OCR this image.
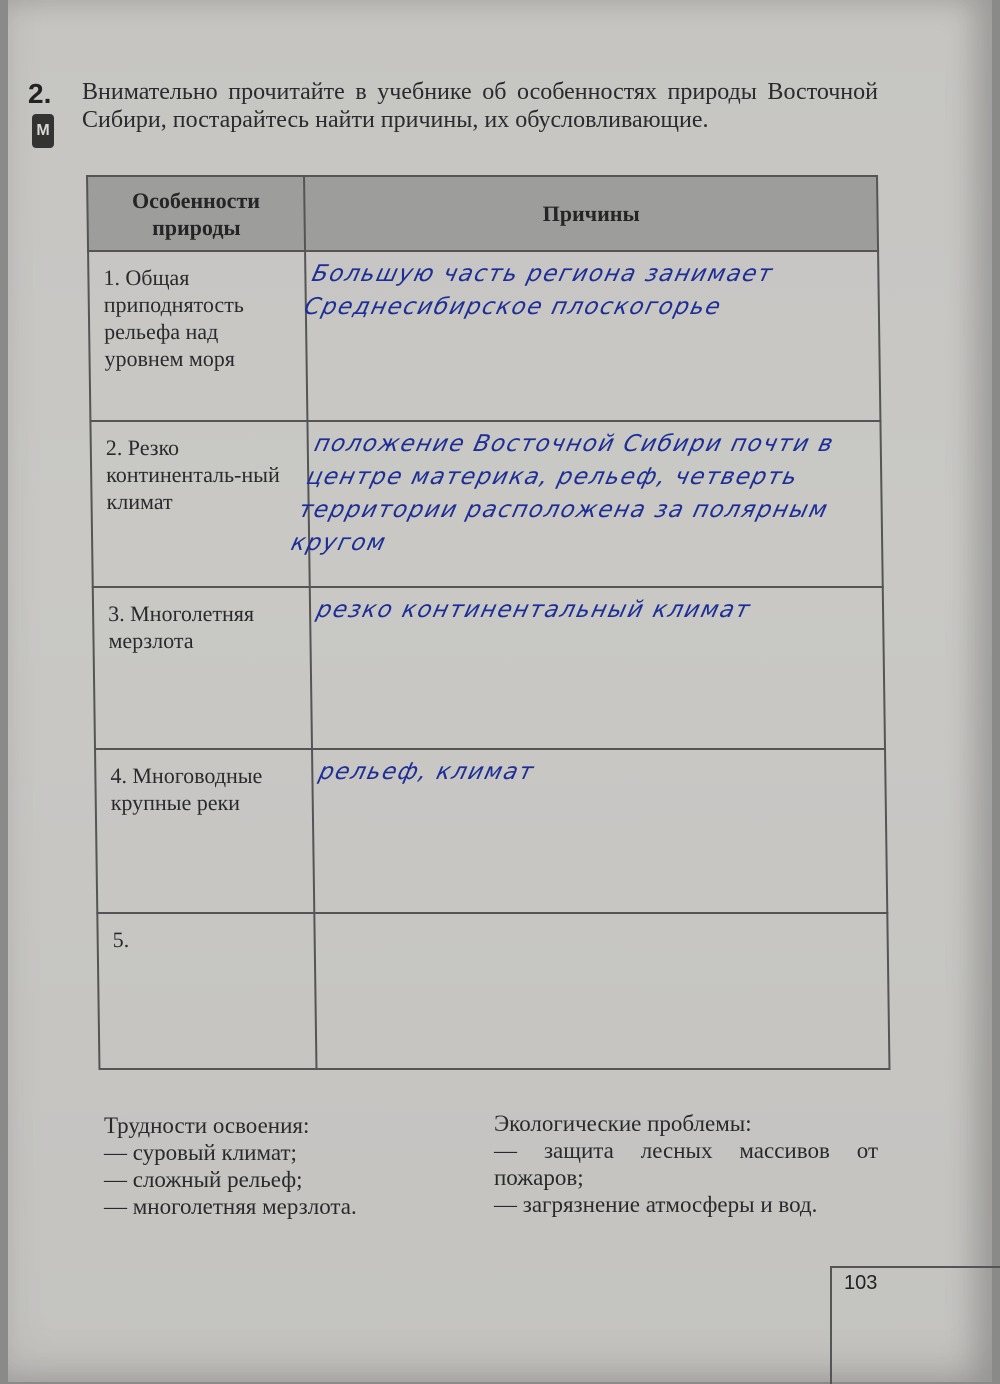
2.
М
Внимательно прочитайте в учебнике об особенностях природы Восточной Сибири, постарайтесь найти причины, их обусловливающие.
Особенности природы	Причины
1. Общая приподнятость рельефа над уровнем моря	Большую часть региона занимает Среднесибирское плоскогорье

2. Резко континенталь-ный климат	положение Восточной Сибири почти в центре материка, рельеф, четверть территории расположена за полярным кругом

3. Многолетняя мерзлота	резко континентальный климат

4. Многоводные крупные реки	рельеф, климат

5.	
Трудности освоения:
— суровый климат;
— сложный рельеф;
— многолетняя мерзлота.
Экологические проблемы:
— защита лесных массивов от пожаров;
— загрязнение атмосферы и вод.
103
